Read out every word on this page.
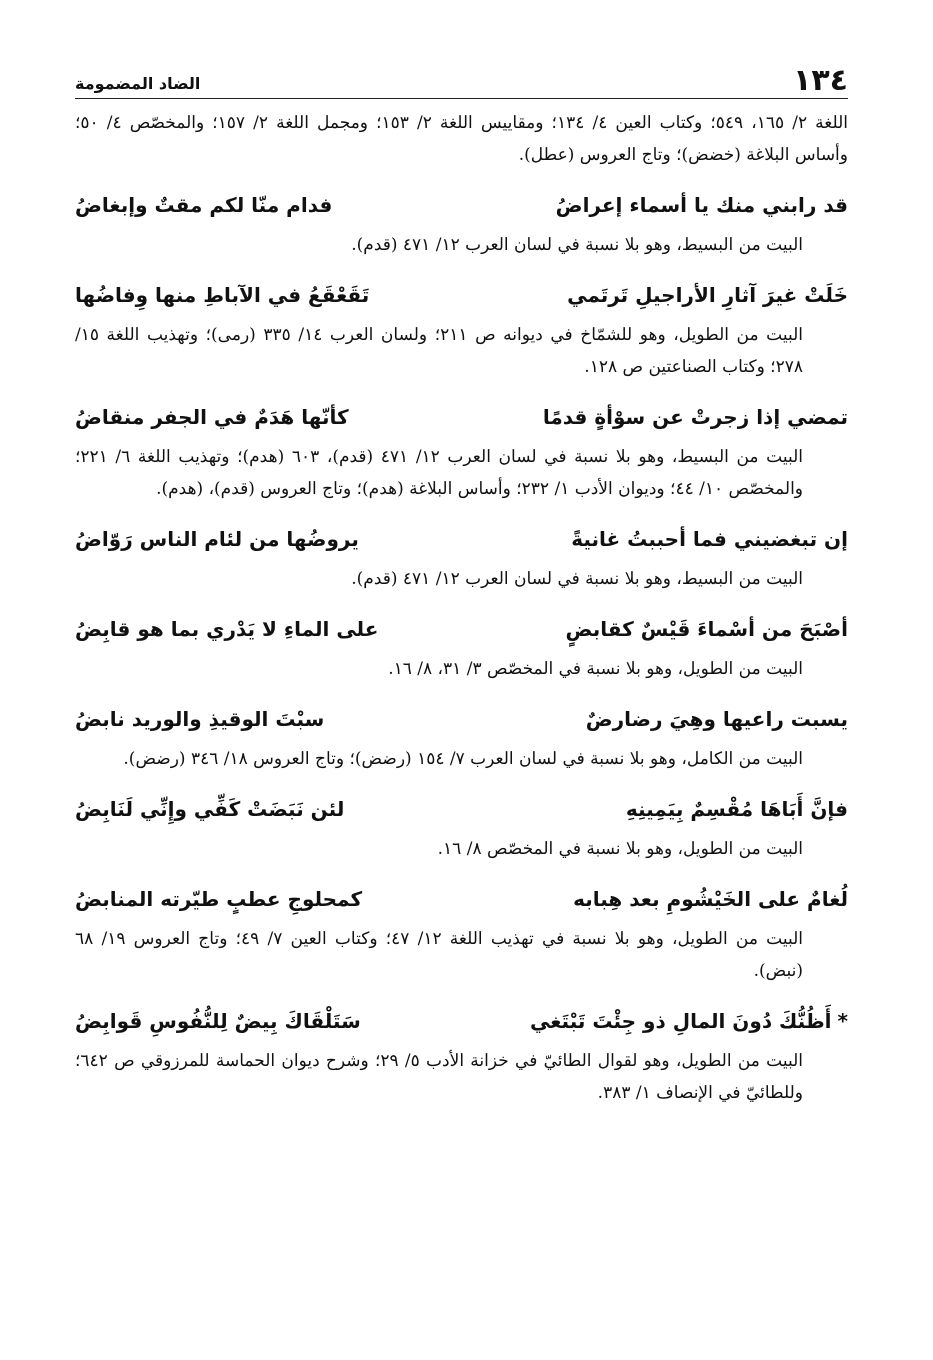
١٣٤
الضاد المضمومة

اللغة ٢/ ١٦٥، ٥٤٩؛ وكتاب العين ٤/ ١٣٤؛ ومقاييس اللغة ٢/ ١٥٣؛ ومجمل اللغة ٢/ ١٥٧؛ والمخصّص ٤/ ٥٠؛ وأساس البلاغة (خضض)؛ وتاج العروس (عطل).

قد رابني منك يا أسماء إعراضُ
فدام منّا لكم مقتٌ وإبغاضُ

البيت من البسيط، وهو بلا نسبة في لسان العرب ١٢/ ٤٧١ (قدم).

خَلَتْ غيرَ آثارِ الأراجيلِ تَرتَمي
تَقَعْقَعُ في الآباطِ منها وِفاضُها

البيت من الطويل، وهو للشمّاخ في ديوانه ص ٢١١؛ ولسان العرب ١٤/ ٣٣٥ (رمى)؛ وتهذيب اللغة ١٥/ ٢٧٨؛ وكتاب الصناعتين ص ١٢٨.

تمضي إذا زجرتْ عن سوْأةٍ قدمًا
كأنّها هَدَمٌ في الجفر منقاضُ

البيت من البسيط، وهو بلا نسبة في لسان العرب ١٢/ ٤٧١ (قدم)، ٦٠٣ (هدم)؛ وتهذيب اللغة ٦/ ٢٢١؛ والمخصّص ١٠/ ٤٤؛ وديوان الأدب ١/ ٢٣٢؛ وأساس البلاغة (هدم)؛ وتاج العروس (قدم)، (هدم).

إن تبغضيني فما أحببتُ غانيةً
يروضُها من لئام الناس رَوّاضُ

البيت من البسيط، وهو بلا نسبة في لسان العرب ١٢/ ٤٧١ (قدم).

أصْبَحَ من أسْماءَ قَيْسٌ كقابضٍ
على الماءِ لا يَدْري بما هو قابِضُ

البيت من الطويل، وهو بلا نسبة في المخصّص ٣/ ٣١، ٨/ ١٦.

يسبت راعيها وهِيَ رضارضٌ
سبْتَ الوقيذِ والوريد نابضُ

البيت من الكامل، وهو بلا نسبة في لسان العرب ٧/ ١٥٤ (رضض)؛ وتاج العروس ١٨/ ٣٤٦ (رضض).

فإنَّ أَبَاهَا مُقْسِمٌ بِيَمِينِهِ
لئن نَبَضَتْ كَفِّي وإِنِّي لَنَابِضُ

البيت من الطويل، وهو بلا نسبة في المخصّص ٨/ ١٦.

لُغامٌ على الخَيْشُومِ بعد هِبابه
كمحلوجِ عطبٍ طيّرته المنابضُ

البيت من الطويل، وهو بلا نسبة في تهذيب اللغة ١٢/ ٤٧؛ وكتاب العين ٧/ ٤٩؛ وتاج العروس ١٩/ ٦٨ (نبض).

*أَظُنُّكَ دُونَ المالِ ذو جِئْتَ تَبْتَغي
سَتَلْقَاكَ بِيضٌ لِلنُّفُوسِ قَوابِضُ

البيت من الطويل، وهو لقوال الطائيّ في خزانة الأدب ٥/ ٢٩؛ وشرح ديوان الحماسة للمرزوقي ص ٦٤٢؛ وللطائيّ في الإنصاف ١/ ٣٨٣.
